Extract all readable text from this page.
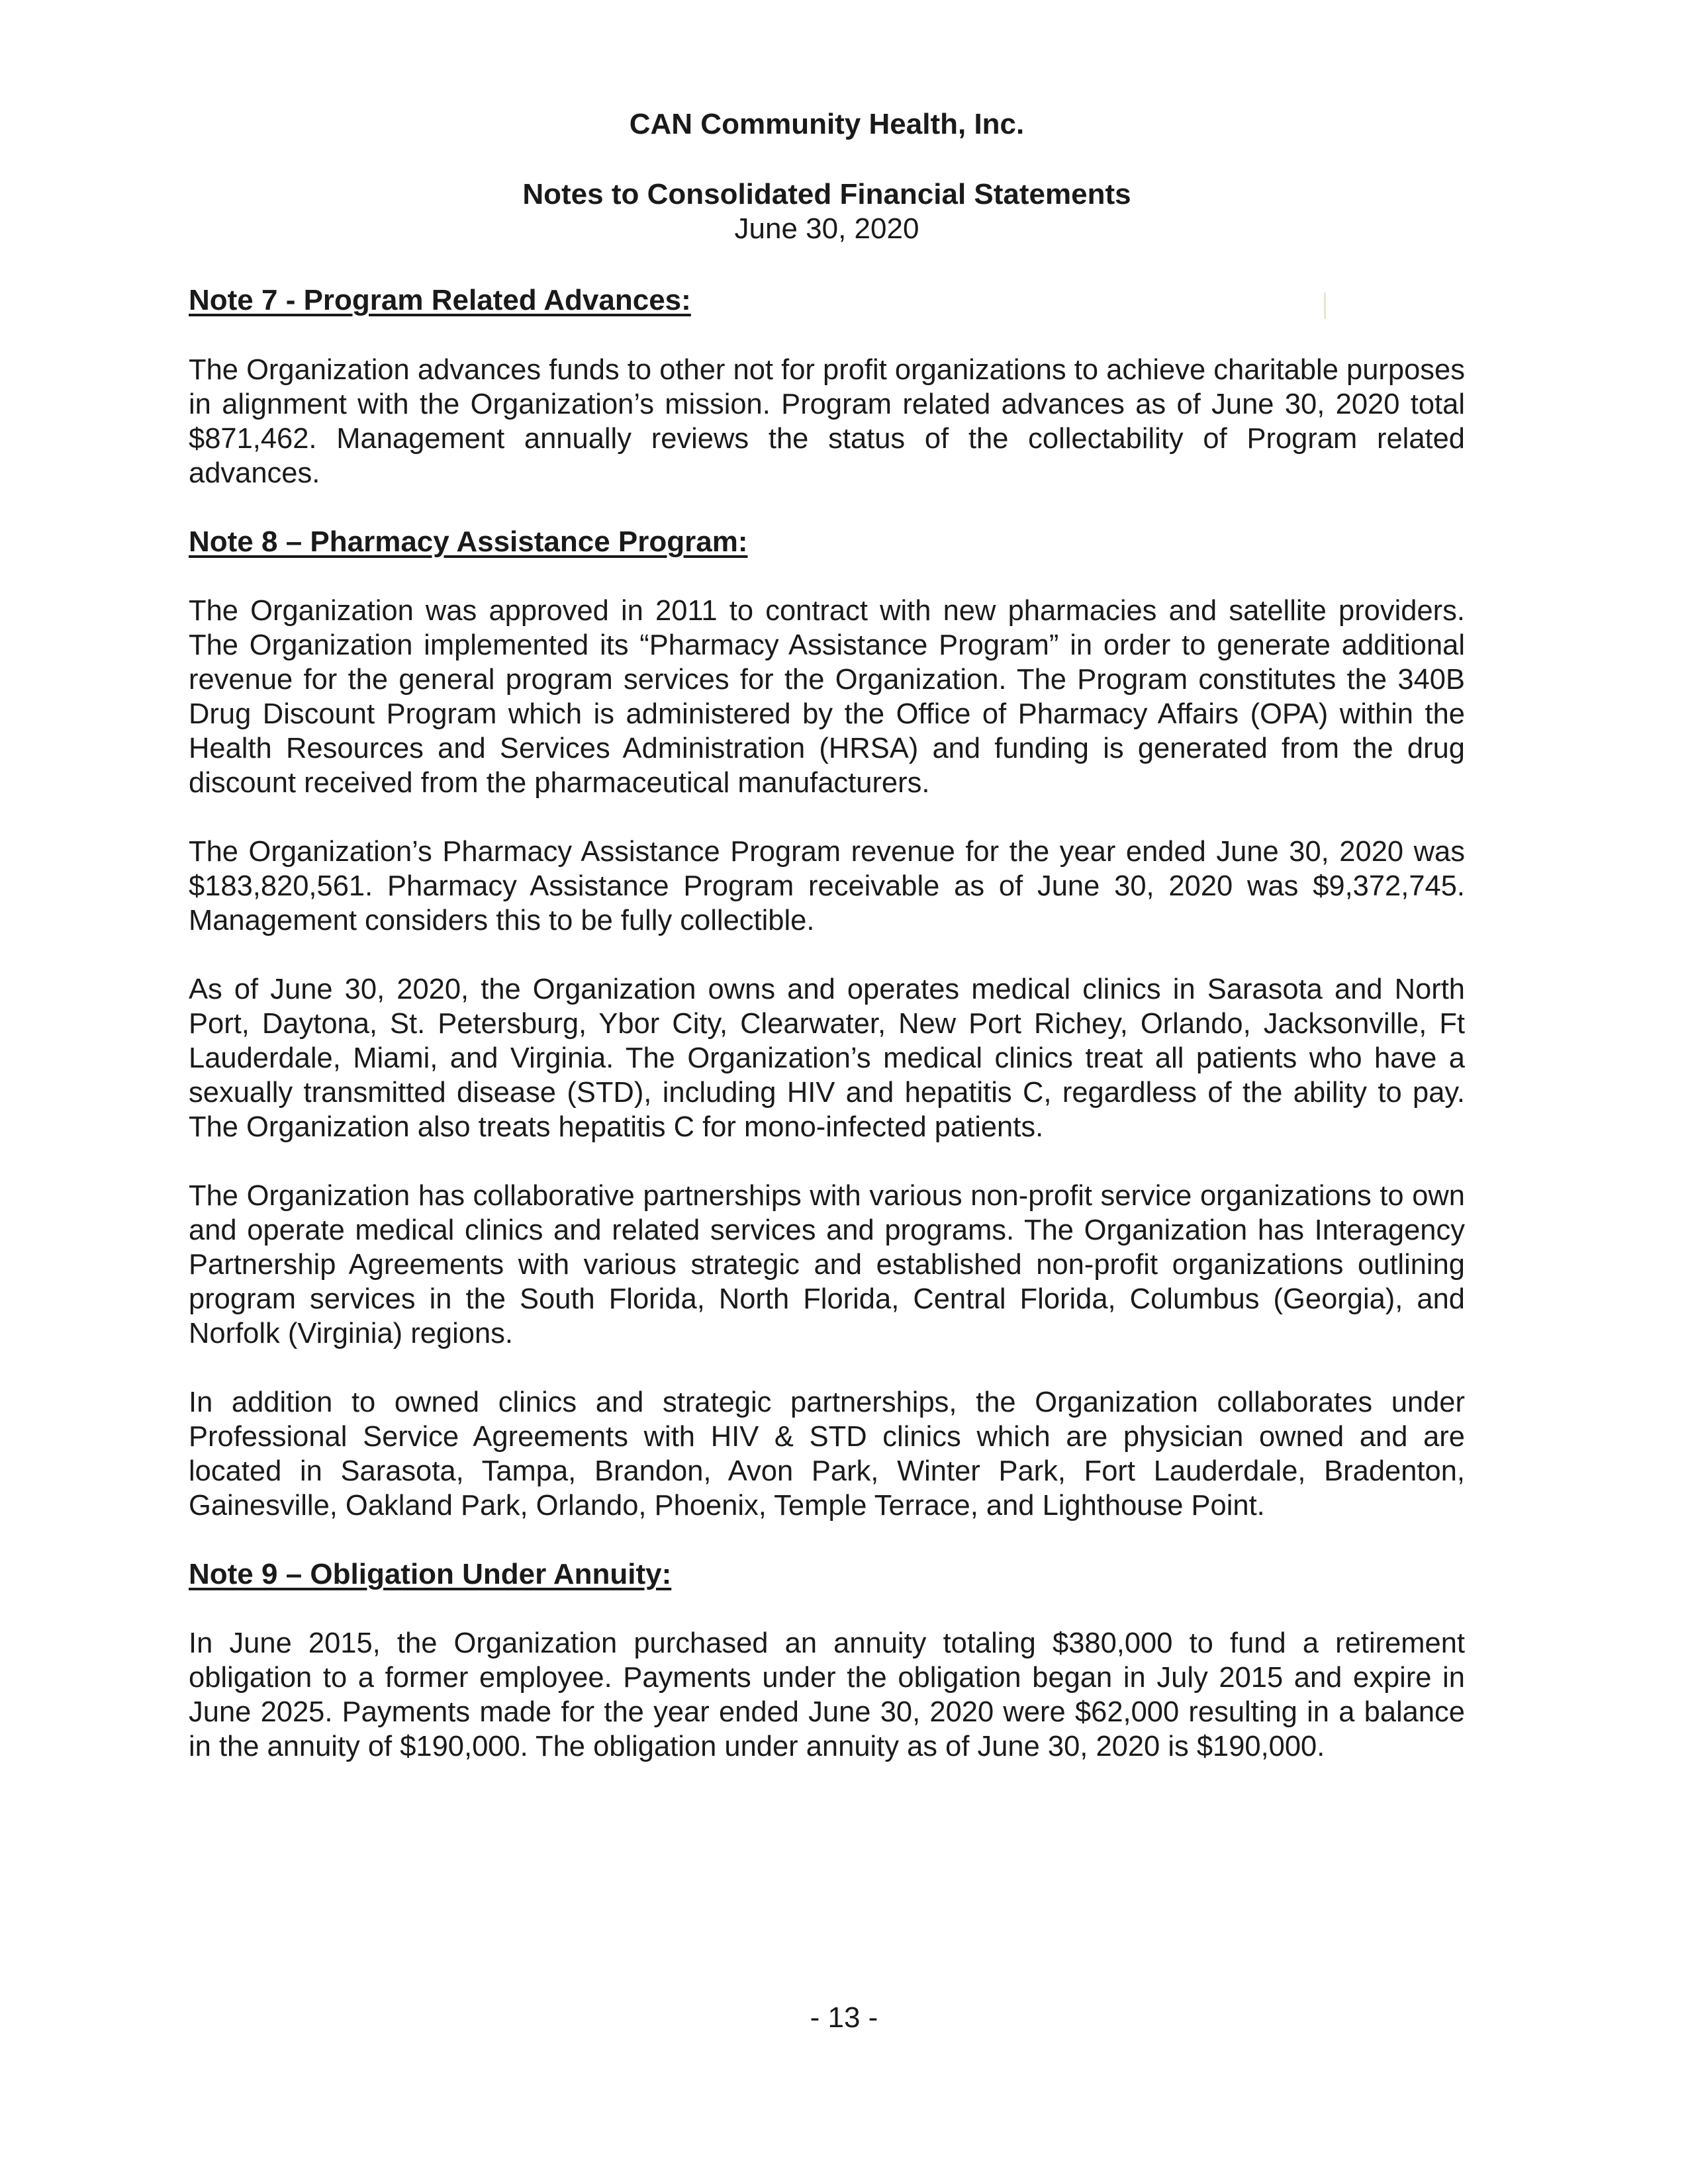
CAN Community Health, Inc.

Notes to Consolidated Financial Statements

June 30, 2020

Note 7 - Program Related Advances:

The Organization advances funds to other not for profit organizations to achieve charitable purposes in alignment with the Organization’s mission. Program related advances as of June 30, 2020 total $871,462. Management annually reviews the status of the collectability of Program related advances.

Note 8 – Pharmacy Assistance Program:

The Organization was approved in 2011 to contract with new pharmacies and satellite providers. The Organization implemented its “Pharmacy Assistance Program” in order to generate additional revenue for the general program services for the Organization. The Program constitutes the 340B Drug Discount Program which is administered by the Office of Pharmacy Affairs (OPA) within the Health Resources and Services Administration (HRSA) and funding is generated from the drug discount received from the pharmaceutical manufacturers.

The Organization’s Pharmacy Assistance Program revenue for the year ended June 30, 2020 was $183,820,561. Pharmacy Assistance Program receivable as of June 30, 2020 was $9,372,745. Management considers this to be fully collectible.

As of June 30, 2020, the Organization owns and operates medical clinics in Sarasota and North Port, Daytona, St. Petersburg, Ybor City, Clearwater, New Port Richey, Orlando, Jacksonville, Ft Lauderdale, Miami, and Virginia. The Organization’s medical clinics treat all patients who have a sexually transmitted disease (STD), including HIV and hepatitis C, regardless of the ability to pay. The Organization also treats hepatitis C for mono-infected patients.

The Organization has collaborative partnerships with various non-profit service organizations to own and operate medical clinics and related services and programs. The Organization has Interagency Partnership Agreements with various strategic and established non-profit organizations outlining program services in the South Florida, North Florida, Central Florida, Columbus (Georgia), and Norfolk (Virginia) regions.

In addition to owned clinics and strategic partnerships, the Organization collaborates under Professional Service Agreements with HIV & STD clinics which are physician owned and are located in Sarasota, Tampa, Brandon, Avon Park, Winter Park, Fort Lauderdale, Bradenton, Gainesville, Oakland Park, Orlando, Phoenix, Temple Terrace, and Lighthouse Point.

Note 9 – Obligation Under Annuity:

In June 2015, the Organization purchased an annuity totaling $380,000 to fund a retirement obligation to a former employee. Payments under the obligation began in July 2015 and expire in June 2025. Payments made for the year ended June 30, 2020 were $62,000 resulting in a balance in the annuity of $190,000. The obligation under annuity as of June 30, 2020 is $190,000.

- 13 -
